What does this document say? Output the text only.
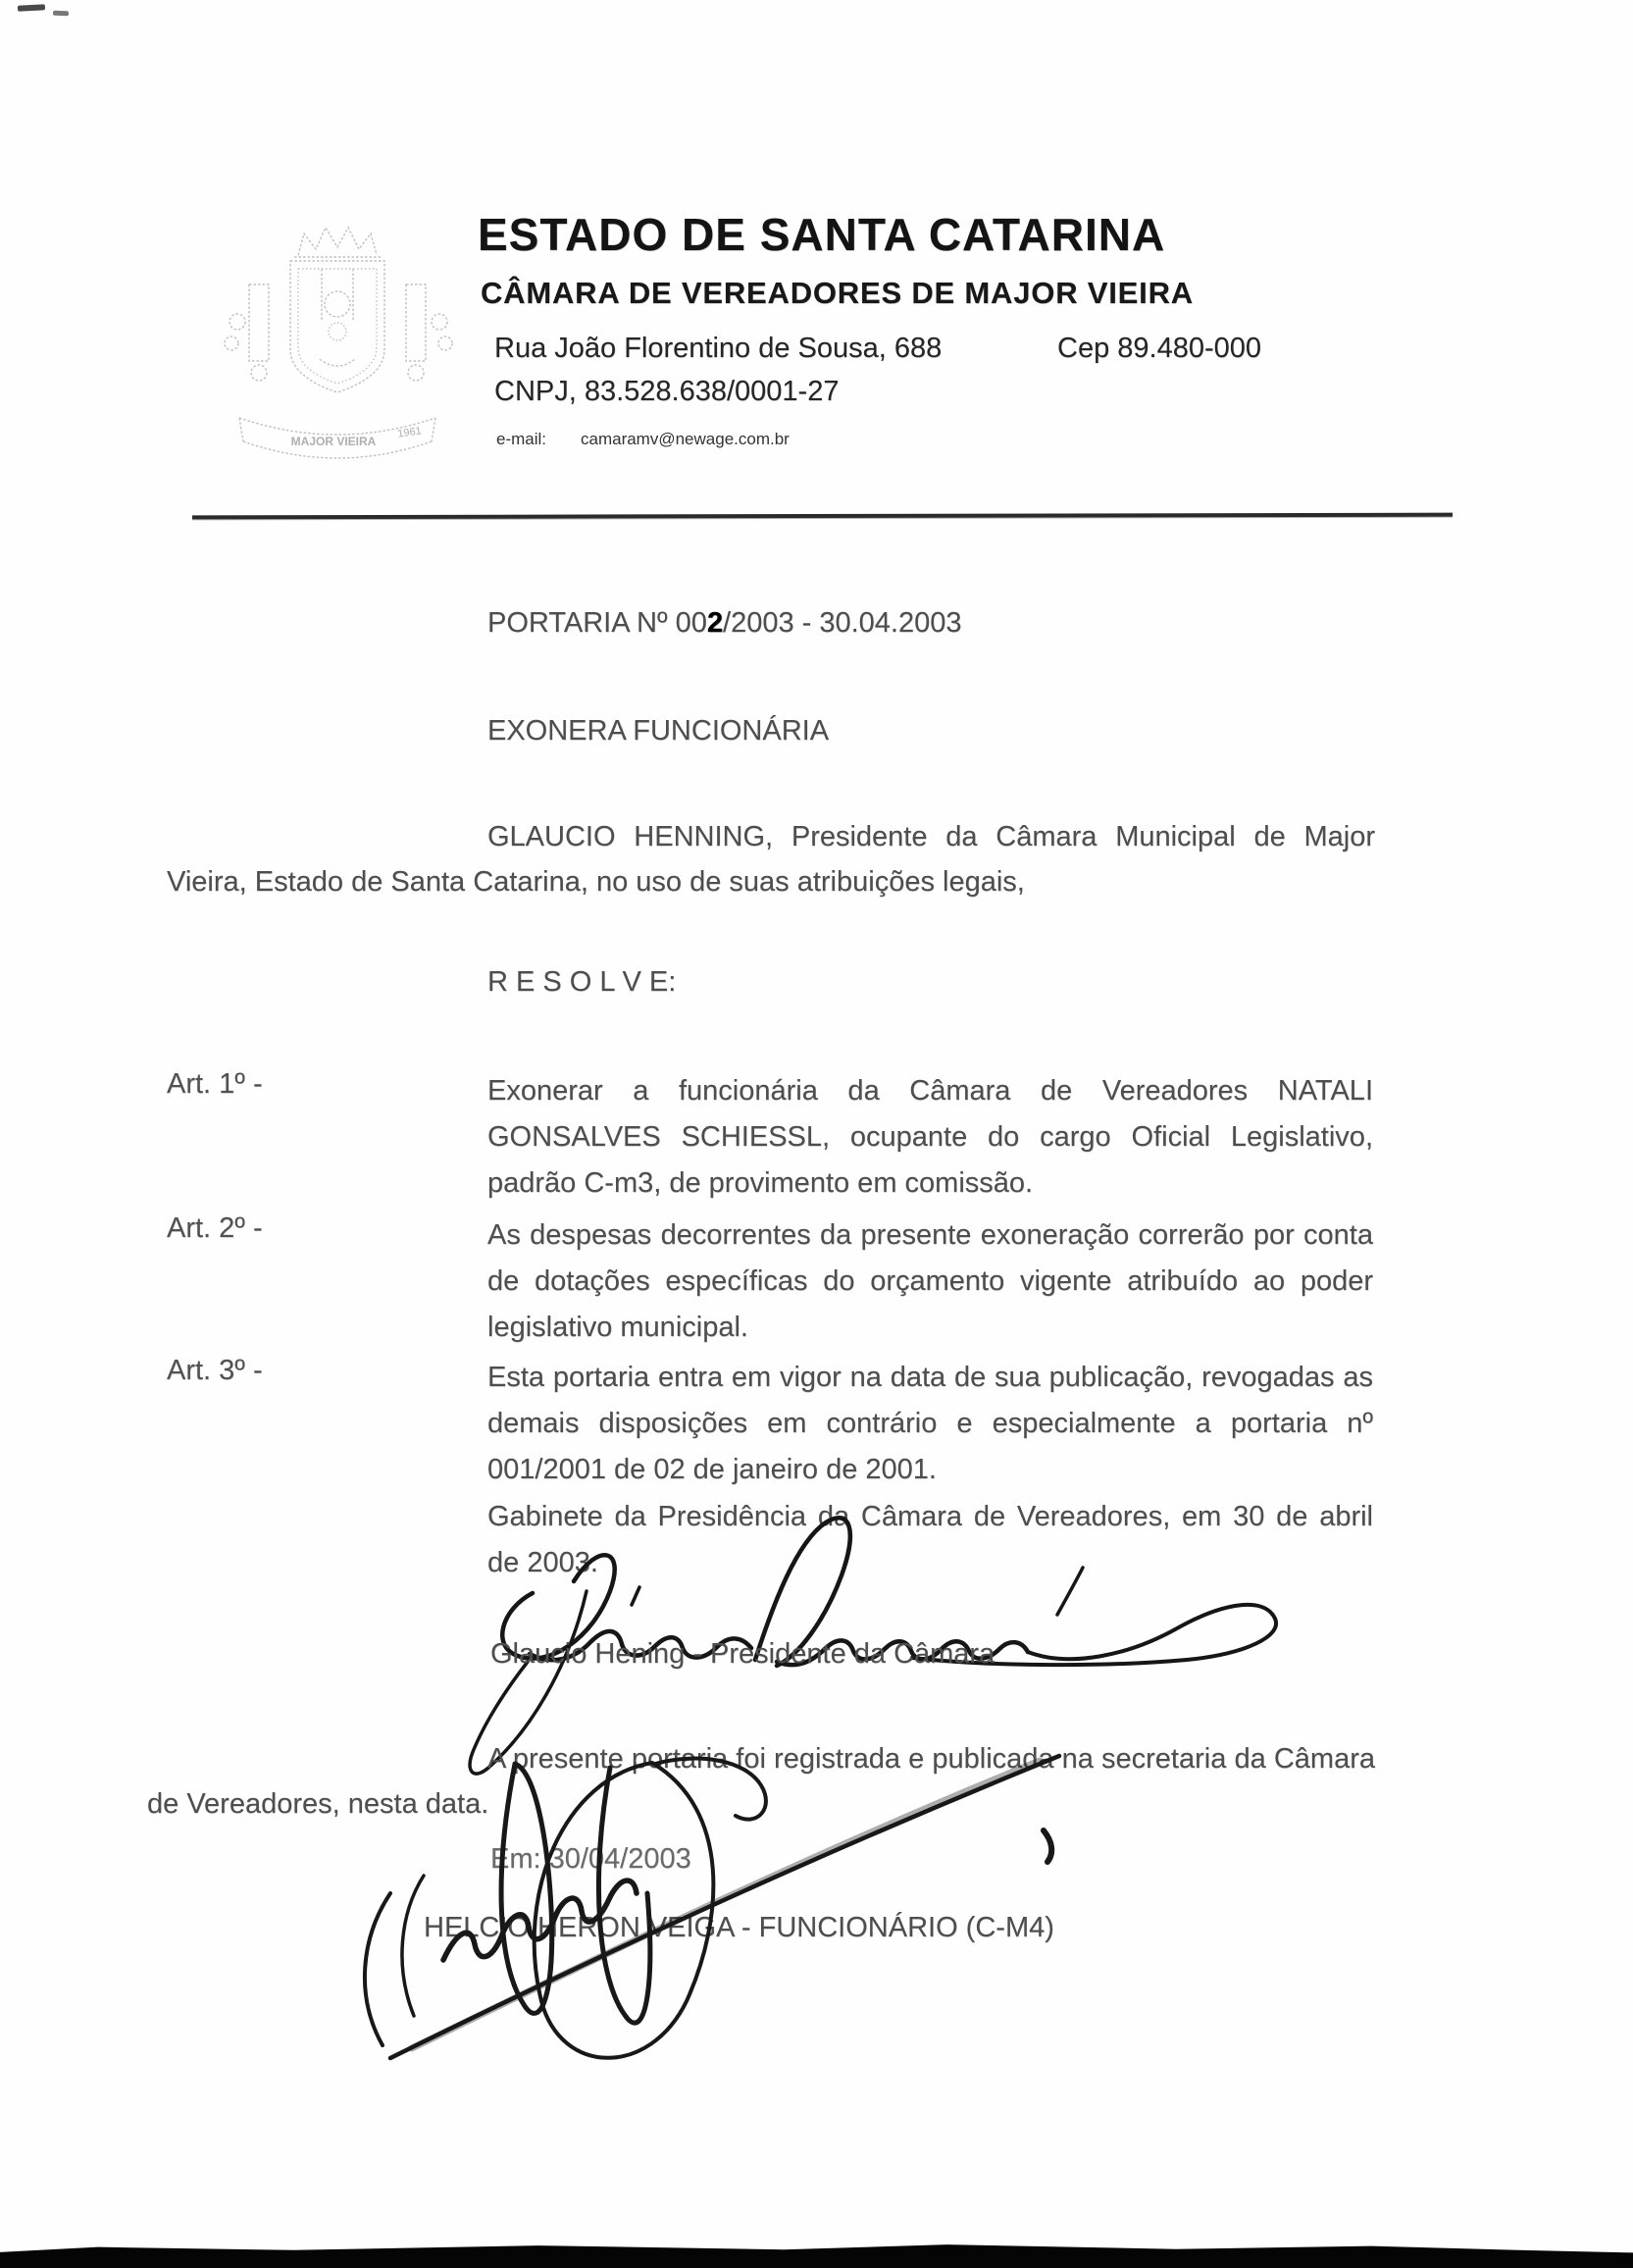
MAJOR VIEIRA
1961
ESTADO DE SANTA CATARINA
CÂMARA DE VEREADORES DE MAJOR VIEIRA
Rua João Florentino de Sousa, 688	Cep 89.480-000
CNPJ, 83.528.638/0001-27
e-mail: camaramv@newage.com.br
PORTARIA Nº 002/2003 - 30.04.2003
EXONERA FUNCIONÁRIA
GLAUCIO HENNING, Presidente da Câmara Municipal de Major Vieira, Estado de Santa Catarina, no uso de suas atribuições legais,
R E S O L V E:
Art. 1º -	Exonerar a funcionária da Câmara de Vereadores NATALI GONSALVES SCHIESSL, ocupante do cargo Oficial Legislativo, padrão C-m3, de provimento em comissão.
Art. 2º -	As despesas decorrentes da presente exoneração correrão por conta de dotações específicas do orçamento vigente atribuído ao poder legislativo municipal.
Art. 3º -	Esta portaria entra em vigor na data de sua publicação, revogadas as demais disposições em contrário e especialmente a portaria nº 001/2001 de 02 de janeiro de 2001.
Gabinete da Presidência da Câmara de Vereadores, em 30 de abril de 2003.
Glaucio Hening - Presidente da Câmara
A presente portaria foi registrada e publicada na secretaria da Câmara de Vereadores, nesta data.
Em: 30/04/2003
HELCIO HERON VEIGA - FUNCIONÁRIO (C-M4)
